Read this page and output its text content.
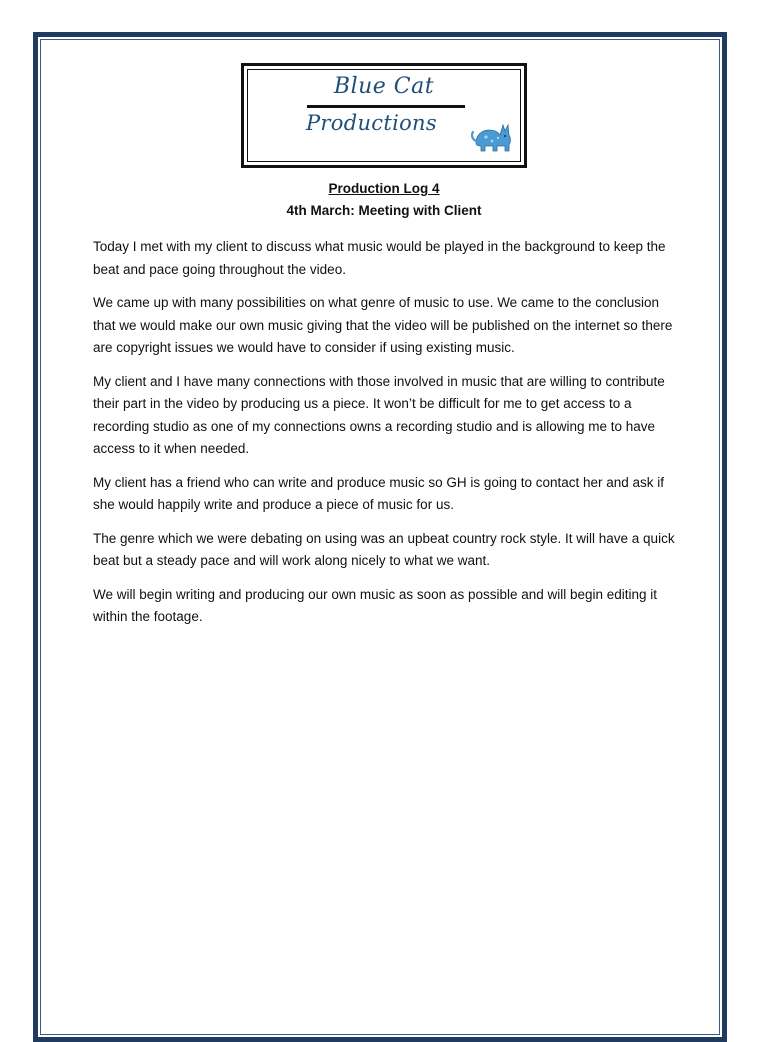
Blue Cat
Productions
Production Log 4
4th March: Meeting with Client

Today I met with my client to discuss what music would be played in the background to keep the beat and pace going throughout the video.

We came up with many possibilities on what genre of music to use. We came to the conclusion that we would make our own music giving that the video will be published on the internet so there are copyright issues we would have to consider if using existing music.

My client and I have many connections with those involved in music that are willing to contribute their part in the video by producing us a piece. It won’t be difficult for me to get access to a recording studio as one of my connections owns a recording studio and is allowing me to have access to it when needed.

My client has a friend who can write and produce music so GH is going to contact her and ask if she would happily write and produce a piece of music for us.

The genre which we were debating on using was an upbeat country rock style. It will have a quick beat but a steady pace and will work along nicely to what we want.

We will begin writing and producing our own music as soon as possible and will begin editing it within the footage.
